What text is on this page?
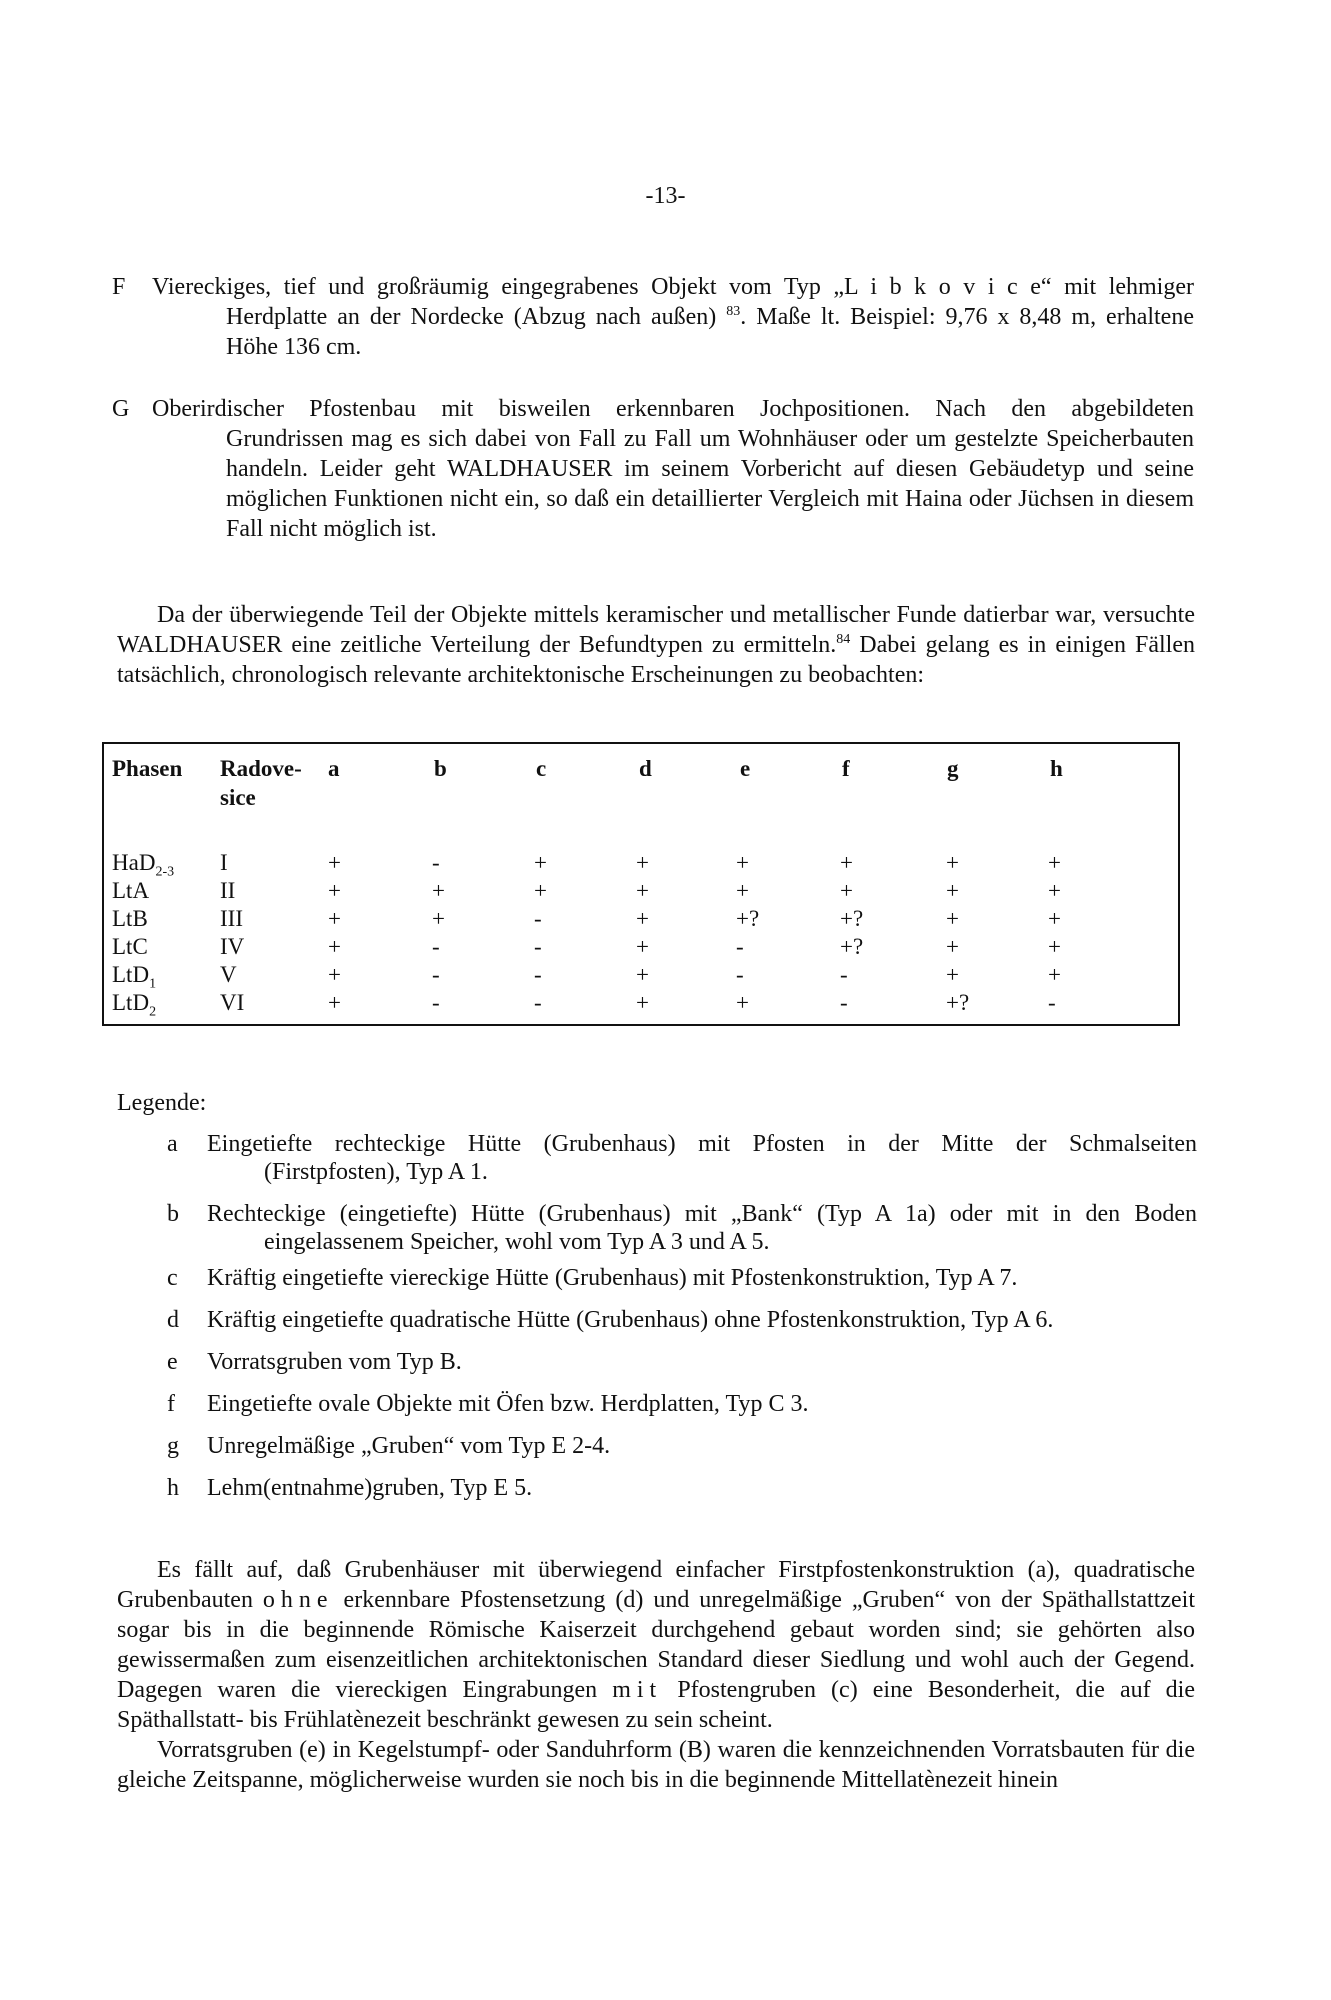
-13-
F	Viereckiges, tief und großräumig eingegrabenes Objekt vom Typ „L i b k o v i c e“ mit lehmiger
Herdplatte an der Nordecke (Abzug nach außen) $^{83}$. Maße lt. Beispiel: 9,76 x 8,48 m, erhaltene
Höhe 136 cm.
G Oberirdischer Pfostenbau mit bisweilen erkennbaren Jochpositionen. Nach den abgebildeten
Grundrissen mag es sich dabei von Fall zu Fall um Wohnhäuser oder um gestelzte Speicherbauten handeln. Leider geht WALDHAUSER im seinem Vorbericht auf diesen Gebäudetyp und seine möglichen Funktionen nicht ein, so daß ein detaillierter Vergleich mit Haina oder Jüchsen in diesem Fall nicht möglich ist.

Da der überwiegende Teil der Objekte mittels keramischer und metallischer Funde datierbar war, versuchte WALDHAUSER eine zeitliche Verteilung der Befundtypen zu ermitteln.$^{84}$ Dabei gelang es in einigen Fällen tatsächlich, chronologisch relevante architektonische Erscheinungen zu beobachten:

Phasen Radove-
sice
a	b	c	d	e	f	g	h
HaD$_{2-3}$ I	+	-	+	+	+	+	+	+
LtA	II	+	+	+	+	+	+	+	+
LtB	III	+	+	-	+	+?	+?	+	+
LtC	IV	+	-	-	+	-	+?	+	+
LtD$_1$	V	+	-	-	+	-	-	+	+
LtD$_2$	VI	+	-	-	+	+	-	+?	-
Legende:
a	Eingetiefte rechteckige Hütte (Grubenhaus) mit Pfosten in der Mitte der Schmalseiten
(Firstpfosten), Typ A 1.
b	Rechteckige (eingetiefte) Hütte (Grubenhaus) mit „Bank“ (Typ A 1a) oder mit in den Boden
eingelassenem Speicher, wohl vom Typ A 3 und A 5.
c	Kräftig eingetiefte viereckige Hütte (Grubenhaus) mit Pfostenkonstruktion, Typ A 7.
d	Kräftig eingetiefte quadratische Hütte (Grubenhaus) ohne Pfostenkonstruktion, Typ A 6.
e	Vorratsgruben vom Typ B.
f	Eingetiefte ovale Objekte mit Öfen bzw. Herdplatten, Typ C 3.
g	Unregelmäßige „Gruben“ vom Typ E 2-4.
h	Lehm(entnahme)gruben, Typ E 5.

Es fällt auf, daß Grubenhäuser mit überwiegend einfacher Firstpfostenkonstruktion (a), quadratische Grubenbauten ohne erkennbare Pfostensetzung (d) und unregelmäßige „Gruben“ von der Späthallstattzeit sogar bis in die beginnende Römische Kaiserzeit durchgehend gebaut worden sind; sie gehörten also gewissermaßen zum eisenzeitlichen architektonischen Standard dieser Siedlung und wohl auch der Gegend. Dagegen waren die viereckigen Eingrabungen mit Pfostengruben (c) eine Besonderheit, die auf die Späthallstatt- bis Frühlatènezeit beschränkt gewesen zu sein scheint.

Vorratsgruben (e) in Kegelstumpf- oder Sanduhrform (B) waren die kennzeichnenden Vorratsbauten für die gleiche Zeitspanne, möglicherweise wurden sie noch bis in die beginnende Mittellatènezeit hinein
